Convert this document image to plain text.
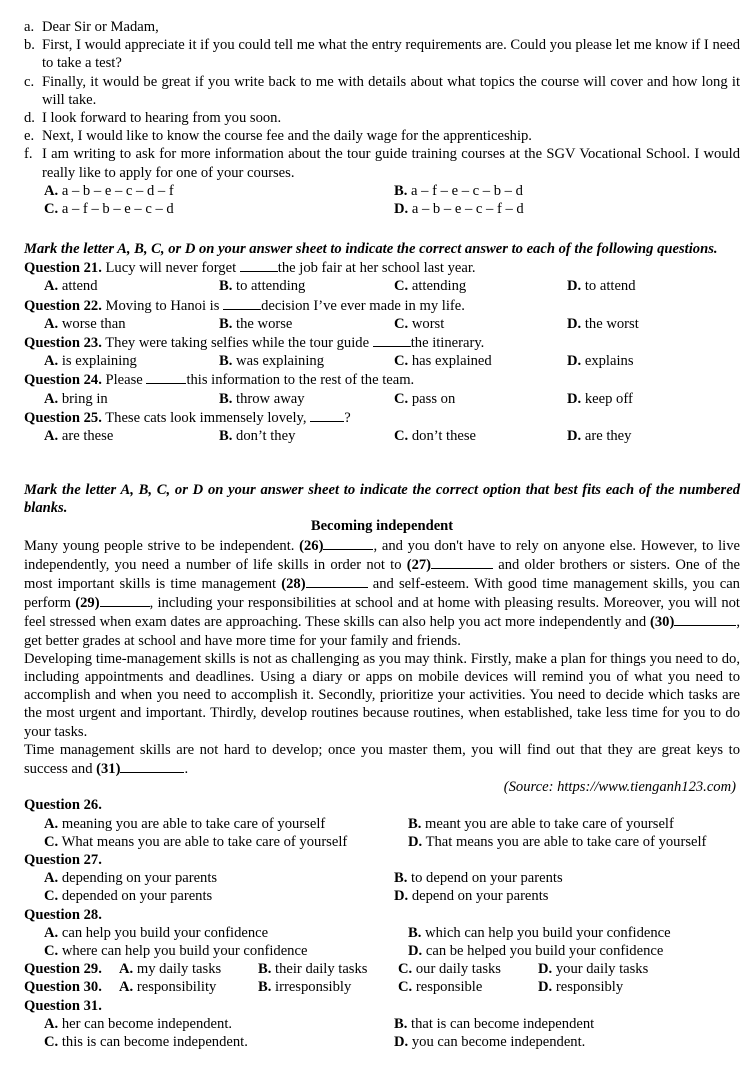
a. Dear Sir or Madam,
b. First, I would appreciate it if you could tell me what the entry requirements are. Could you please let me know if I need to take a test?
c. Finally, it would be great if you write back to me with details about what topics the course will cover and how long it will take.
d. I look forward to hearing from you soon.
e. Next, I would like to know the course fee and the daily wage for the apprenticeship.
f. I am writing to ask for more information about the tour guide training courses at the SGV Vocational School. I would really like to apply for one of your courses.
A. a – b – e – c – d – f	B. a – f – e – c – b – d
C. a – f – b – e – c – d	D. a – b – e – c – f – d
Mark the letter A, B, C, or D on your answer sheet to indicate the correct answer to each of the following questions.
Question 21. Lucy will never forget	the job fair at her school last year.
A. attend	B. to attending	C. attending	D. to attend
Question 22. Moving to Hanoi is	decision I’ve ever made in my life.
A. worse than	B. the worse	C. worst	D. the worst
Question 23. They were taking selfies while the tour guide	the itinerary.
A. is explaining	B. was explaining	C. has explained	D. explains
Question 24. Please	this information to the rest of the team.
A. bring in	B. throw away	C. pass on	D. keep off
Question 25. These cats look immensely lovely, ?
A. are these	B. don’t they	C. don’t these	D. are they
Mark the letter A, B, C, or D on your answer sheet to indicate the correct option that best fits each of the numbered blanks.
Becoming independent
Many young people strive to be independent. (26)	, and you don't have to rely on anyone else. However, to live independently, you need a number of life skills in order not to (27)	and older brothers or sisters. One of the most important skills is time management (28)	and self-esteem. With good time management skills, you can perform (29)	, including your responsibilities at school and at home with pleasing results. Moreover, you will not feel stressed when exam dates are approaching. These skills can also help you act more independently and (30)	, get better grades at school and have more time for your family and friends.
Developing time-management skills is not as challenging as you may think. Firstly, make a plan for things you need to do, including appointments and deadlines. Using a diary or apps on mobile devices will remind you of what you need to accomplish and when you need to accomplish it. Secondly, prioritize your activities. You need to decide which tasks are the most urgent and important. Thirdly, develop routines because routines, when established, take less time for you to do your tasks.
Time management skills are not hard to develop; once you master them, you will find out that they are great keys to success and (31)	.
(Source: https://www.tienganh123.com)
Question 26.
A. meaning you are able to take care of yourself	B. meant you are able to take care of yourself
C. What means you are able to take care of yourself	D. That means you are able to take care of yourself
Question 27.
A. depending on your parents	B. to depend on your parents
C. depended on your parents	D. depend on your parents
Question 28.
A. can help you build your confidence	B. which can help you build your confidence
C. where can help you build your confidence	D. can be helped you build your confidence
Question 29. A. my daily tasks	B. their daily tasks C. our daily tasks	D. your daily tasks
Question 30. A. responsibility	B. irresponsibly	C. responsible	D. responsibly
Question 31.
A. her can become independent.	B. that is can become independent
C. this is can become independent.	D. you can become independent.
